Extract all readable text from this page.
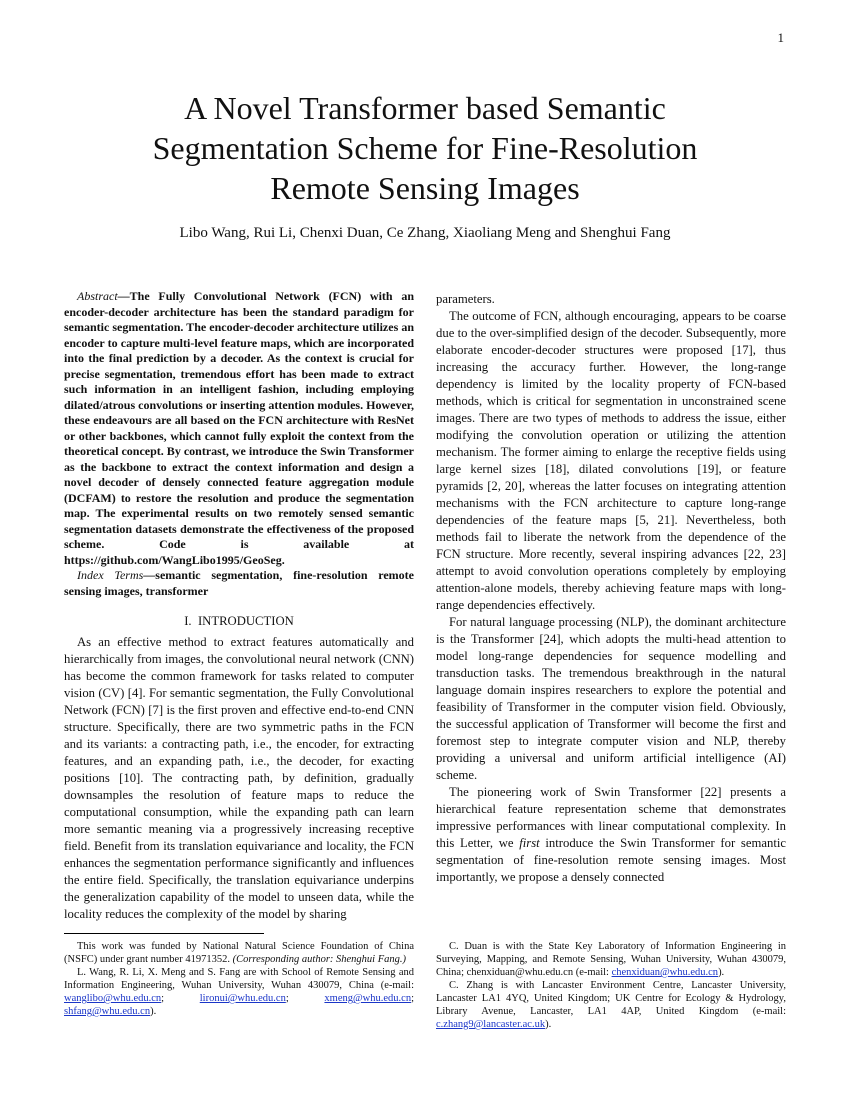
1
A Novel Transformer based Semantic
Segmentation Scheme for Fine-Resolution
Remote Sensing Images
Libo Wang, Rui Li, Chenxi Duan, Ce Zhang, Xiaoliang Meng and Shenghui Fang

Abstract—The Fully Convolutional Network (FCN) with an encoder-decoder architecture has been the standard paradigm for semantic segmentation. The encoder-decoder architecture utilizes an encoder to capture multi-level feature maps, which are incorporated into the final prediction by a decoder. As the context is crucial for precise segmentation, tremendous effort has been made to extract such information in an intelligent fashion, including employing dilated/atrous convolutions or inserting attention modules. However, these endeavours are all based on the FCN architecture with ResNet or other backbones, which cannot fully exploit the context from the theoretical concept. By contrast, we introduce the Swin Transformer as the backbone to extract the context information and design a novel decoder of densely connected feature aggregation module (DCFAM) to restore the resolution and produce the segmentation map. The experimental results on two remotely sensed semantic segmentation datasets demonstrate the effectiveness of the proposed scheme. Code is available at https://github.com/WangLibo1995/GeoSeg.

Index Terms—semantic segmentation, fine-resolution remote sensing images, transformer

I. INTRODUCTION

As an effective method to extract features automatically and hierarchically from images, the convolutional neural network (CNN) has become the common framework for tasks related to computer vision (CV) [4]. For semantic segmentation, the Fully Convolutional Network (FCN) [7] is the first proven and effective end-to-end CNN structure. Specifically, there are two symmetric paths in the FCN and its variants: a contracting path, i.e., the encoder, for extracting features, and an expanding path, i.e., the decoder, for exacting positions [10]. The contracting path, by definition, gradually downsamples the resolution of feature maps to reduce the computational consumption, while the expanding path can learn more semantic meaning via a progressively increasing receptive field. Benefit from its translation equivariance and locality, the FCN enhances the segmentation performance significantly and influences the entire field. Specifically, the translation equivariance underpins the generalization capability of the model to unseen data, while the locality reduces the complexity of the model by sharing

parameters.

The outcome of FCN, although encouraging, appears to be coarse due to the over-simplified design of the decoder. Subsequently, more elaborate encoder-decoder structures were proposed [17], thus increasing the accuracy further. However, the long-range dependency is limited by the locality property of FCN-based methods, which is critical for segmentation in unconstrained scene images. There are two types of methods to address the issue, either modifying the convolution operation or utilizing the attention mechanism. The former aiming to enlarge the receptive fields using large kernel sizes [18], dilated convolutions [19], or feature pyramids [2, 20], whereas the latter focuses on integrating attention mechanisms with the FCN architecture to capture long-range dependencies of the feature maps [5, 21]. Nevertheless, both methods fail to liberate the network from the dependence of the FCN structure. More recently, several inspiring advances [22, 23] attempt to avoid convolution operations completely by employing attention-alone models, thereby achieving feature maps with long-range dependencies effectively.

For natural language processing (NLP), the dominant architecture is the Transformer [24], which adopts the multi-head attention to model long-range dependencies for sequence modelling and transduction tasks. The tremendous breakthrough in the natural language domain inspires researchers to explore the potential and feasibility of Transformer in the computer vision field. Obviously, the successful application of Transformer will become the first and foremost step to integrate computer vision and NLP, thereby providing a universal and uniform artificial intelligence (AI) scheme.

The pioneering work of Swin Transformer [22] presents a hierarchical feature representation scheme that demonstrates impressive performances with linear computational complexity. In this Letter, we first introduce the Swin Transformer for semantic segmentation of fine-resolution remote sensing images. Most importantly, we propose a densely connected

This work was funded by National Natural Science Foundation of China (NSFC) under grant number 41971352. (Corresponding author: Shenghui Fang.)

L. Wang, R. Li, X. Meng and S. Fang are with School of Remote Sensing and Information Engineering, Wuhan University, Wuhan 430079, China (e-mail: wanglibo@whu.edu.cn; lironui@whu.edu.cn; xmeng@whu.edu.cn; shfang@whu.edu.cn).

C. Duan is with the State Key Laboratory of Information Engineering in Surveying, Mapping, and Remote Sensing, Wuhan University, Wuhan 430079, China; chenxiduan@whu.edu.cn (e-mail: chenxiduan@whu.edu.cn).

C. Zhang is with Lancaster Environment Centre, Lancaster University, Lancaster LA1 4YQ, United Kingdom; UK Centre for Ecology & Hydrology, Library Avenue, Lancaster, LA1 4AP, United Kingdom (e-mail: c.zhang9@lancaster.ac.uk).
